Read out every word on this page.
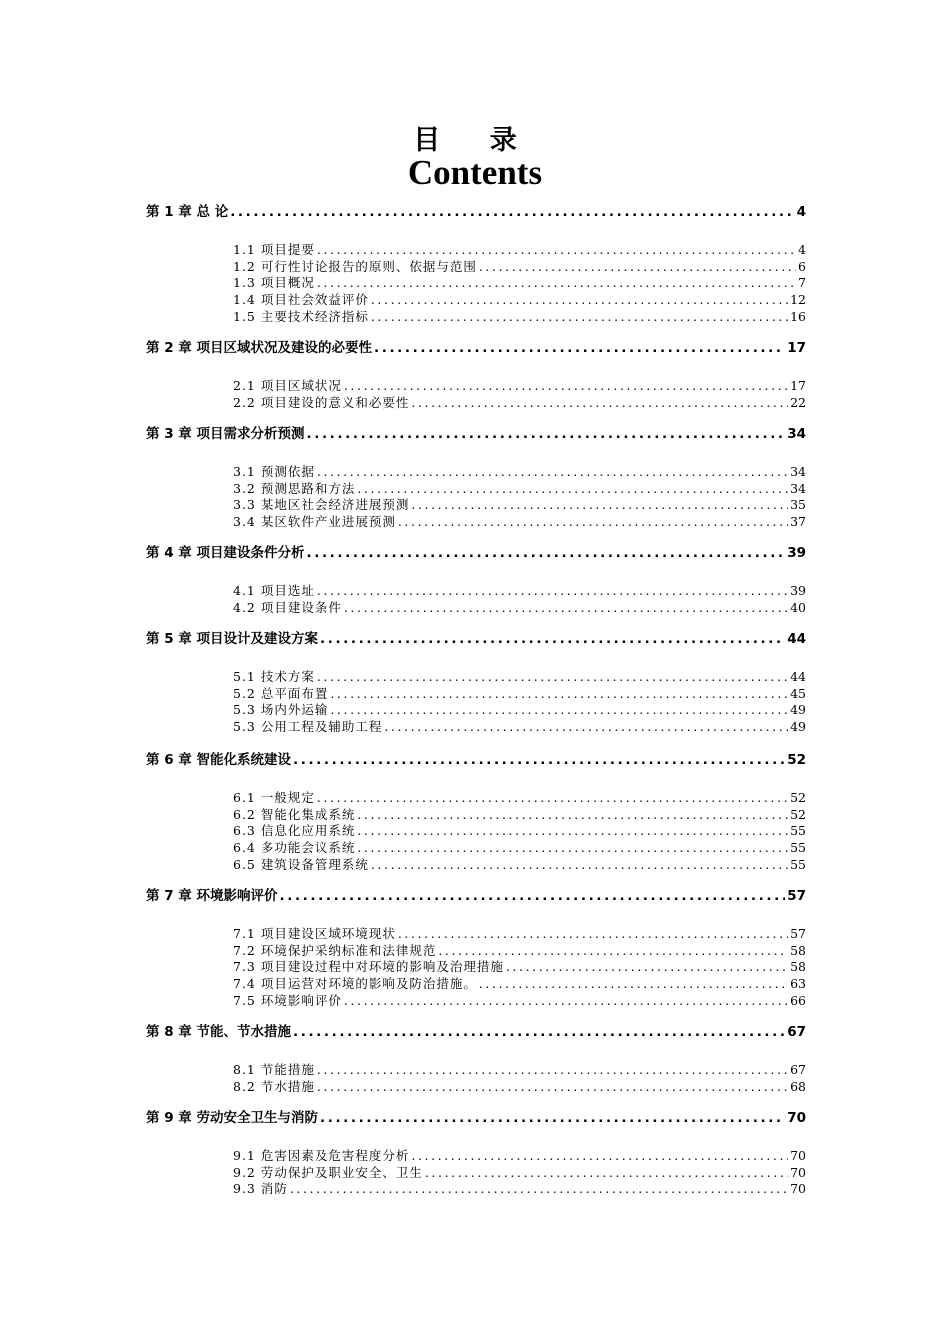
目 录
Contents
第 1 章 总 论 .....	4
1.1 项目提要 .....	4
1.2 可行性讨论报告的原则、依据与范围 .....	6
1.3 项目概况 .....	7
1.4 项目社会效益评价 .....	12
1.5 主要技术经济指标 .....	16
第 2 章 项目区域状况及建设的必要性 .....	17
2.1 项目区域状况 .....	17
2.2 项目建设的意义和必要性 .....	22
第 3 章 项目需求分析预测 .....	34
3.1 预测依据 .....	34
3.2 预测思路和方法 .....	34
3.3 某地区社会经济进展预测 .....	35
3.4 某区软件产业进展预测 .....	37
第 4 章 项目建设条件分析 .....	39
4.1 项目选址 .....	39
4.2 项目建设条件 .....	40
第 5 章 项目设计及建设方案 .....	44
5.1 技术方案 .....	44
5.2 总平面布置 .....	45
5.3 场内外运输 .....	49
5.3 公用工程及辅助工程 .....	49
第 6 章 智能化系统建设 .....	52
6.1 一般规定 .....	52
6.2 智能化集成系统 .....	52
6.3 信息化应用系统 .....	55
6.4 多功能会议系统 .....	55
6.5 建筑设备管理系统 .....	55
第 7 章 环境影响评价 .....	57
7.1 项目建设区域环境现状 .....	57
7.2 环境保护采纳标准和法律规范 .....	58
7.3 项目建设过程中对环境的影响及治理措施 .....	58
7.4 项目运营对环境的影响及防治措施。 .....	63
7.5 环境影响评价 .....	66
第 8 章 节能、节水措施 .....	67
8.1 节能措施 .....	67
8.2 节水措施 .....	68
第 9 章 劳动安全卫生与消防 .....	70
9.1 危害因素及危害程度分析 .....	70
9.2 劳动保护及职业安全、卫生 .....	70
9.3 消防 .....	70
